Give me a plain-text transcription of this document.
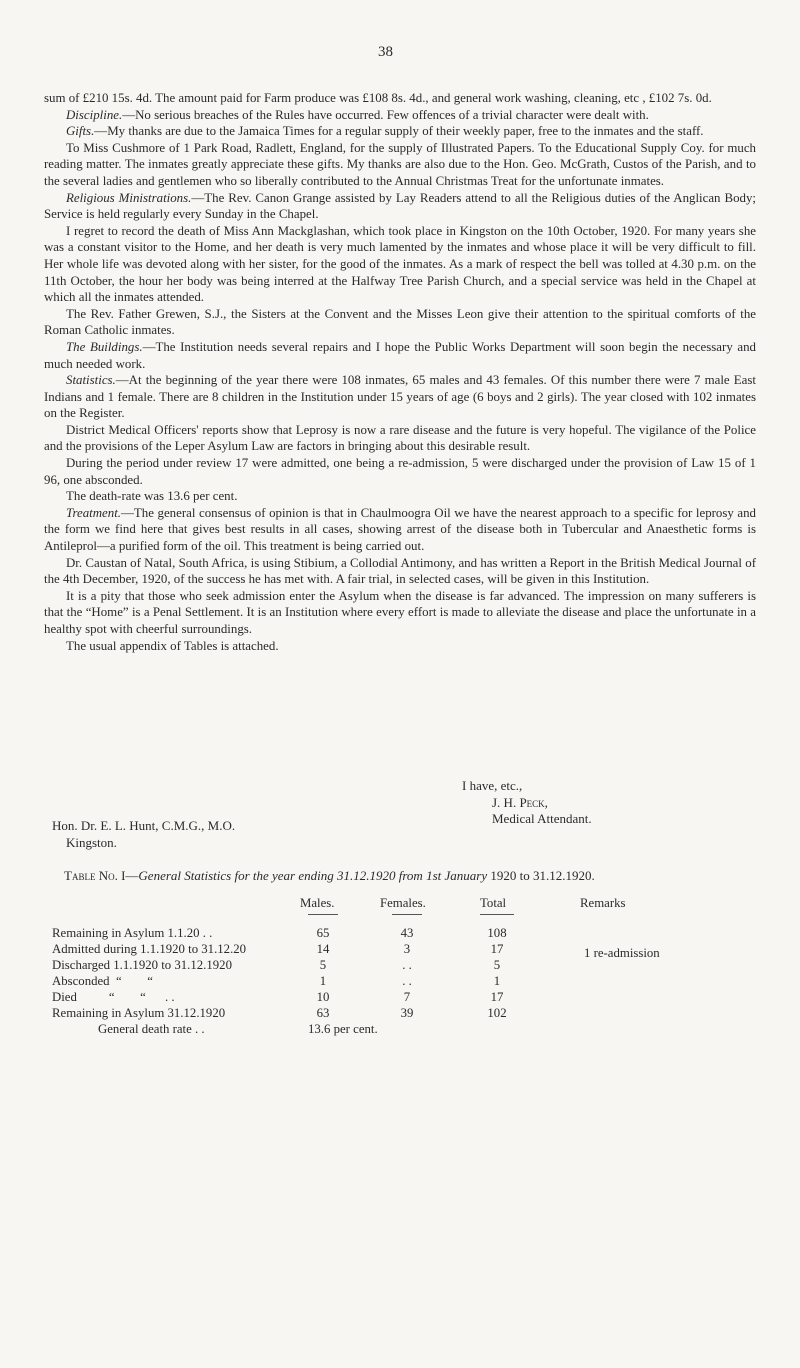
38

sum of £210 15s. 4d. The amount paid for Farm produce was £108 8s. 4d., and general work washing, cleaning, etc , £102 7s. 0d.

Discipline.—No serious breaches of the Rules have occurred. Few offences of a trivial character were dealt with.

Gifts.—My thanks are due to the Jamaica Times for a regular supply of their weekly paper, free to the inmates and the staff.

To Miss Cushmore of 1 Park Road, Radlett, England, for the supply of Illustrated Papers. To the Educational Supply Coy. for much reading matter. The inmates greatly appreciate these gifts. My thanks are also due to the Hon. Geo. McGrath, Custos of the Parish, and to the several ladies and gentlemen who so liberally contributed to the Annual Christmas Treat for the unfortunate inmates.

Religious Ministrations.—The Rev. Canon Grange assisted by Lay Readers attend to all the Religious duties of the Anglican Body; Service is held regularly every Sunday in the Chapel.

I regret to record the death of Miss Ann Mackglashan, which took place in Kingston on the 10th October, 1920. For many years she was a constant visitor to the Home, and her death is very much lamented by the inmates and whose place it will be very difficult to fill. Her whole life was devoted along with her sister, for the good of the inmates. As a mark of respect the bell was tolled at 4.30 p.m. on the 11th October, the hour her body was being interred at the Halfway Tree Parish Church, and a special service was held in the Chapel at which all the inmates attended.

The Rev. Father Grewen, S.J., the Sisters at the Convent and the Misses Leon give their attention to the spiritual comforts of the Roman Catholic inmates.

The Buildings.—The Institution needs several repairs and I hope the Public Works Department will soon begin the necessary and much needed work.

Statistics.—At the beginning of the year there were 108 inmates, 65 males and 43 females. Of this number there were 7 male East Indians and 1 female. There are 8 children in the Institution under 15 years of age (6 boys and 2 girls). The year closed with 102 inmates on the Register.

District Medical Officers' reports show that Leprosy is now a rare disease and the future is very hopeful. The vigilance of the Police and the provisions of the Leper Asylum Law are factors in bringing about this desirable result.

During the period under review 17 were admitted, one being a re-admission, 5 were discharged under the provision of Law 15 of 1 96, one absconded.

The death-rate was 13.6 per cent.

Treatment.—The general consensus of opinion is that in Chaulmoogra Oil we have the nearest approach to a specific for leprosy and the form we find here that gives best results in all cases, showing arrest of the disease both in Tubercular and Anaesthetic forms is Antileprol—a purified form of the oil. This treatment is being carried out.

Dr. Caustan of Natal, South Africa, is using Stibium, a Collodial Antimony, and has written a Report in the British Medical Journal of the 4th December, 1920, of the success he has met with. A fair trial, in selected cases, will be given in this Institution.

It is a pity that those who seek admission enter the Asylum when the disease is far advanced. The impression on many sufferers is that the “Home” is a Penal Settlement. It is an Institution where every effort is made to alleviate the disease and place the unfortunate in a healthy spot with cheerful surroundings.

The usual appendix of Tables is attached.

I have, etc.,
J. H. Peck,
Medical Attendant.
Hon. Dr. E. L. Hunt, C.M.G., M.O.
Kingston.
Table No. I—General Statistics for the year ending 31.12.1920 from 1st January 1920 to 31.12.1920.
Males.	Females.	Total	Remarks
Remaining in Asylum 1.1.20 . .	65	43	108
Admitted during 1.1.1920 to 31.12.20	14	3	17	1 re-admission
Discharged 1.1.1920 to 31.12.1920	5	. .	5
Absconded  “        “	1	. .	1
Died          “        “      . .	10	7	17
Remaining in Asylum 31.12.1920	63	39	102
General death rate . .	13.6 per cent.
